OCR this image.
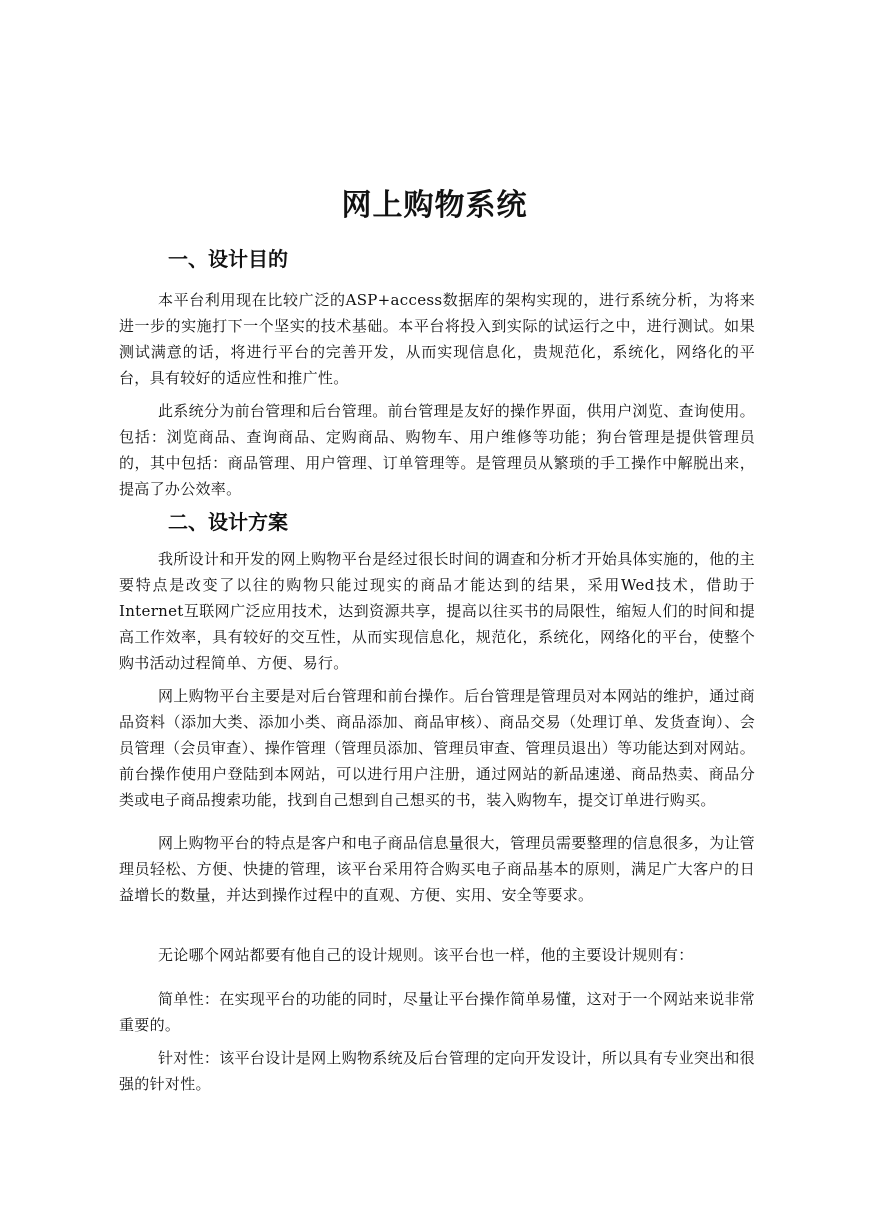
网上购物系统
一、设计目的

本平台利用现在比较广泛的ASP+access数据库的架构实现的，进行系统分析，为将来进一步的实施打下一个坚实的技术基础。本平台将投入到实际的试运行之中，进行测试。如果测试满意的话，将进行平台的完善开发，从而实现信息化，贵规范化，系统化，网络化的平台，具有较好的适应性和推广性。

此系统分为前台管理和后台管理。前台管理是友好的操作界面，供用户浏览、查询使用。包括：浏览商品、查询商品、定购商品、购物车、用户维修等功能；狗台管理是提供管理员的，其中包括：商品管理、用户管理、订单管理等。是管理员从繁琐的手工操作中解脱出来，提高了办公效率。

二、设计方案

我所设计和开发的网上购物平台是经过很长时间的调查和分析才开始具体实施的，他的主要特点是改变了以往的购物只能过现实的商品才能达到的结果，采用Wed技术，借助于Internet互联网广泛应用技术，达到资源共享，提高以往买书的局限性，缩短人们的时间和提高工作效率，具有较好的交互性，从而实现信息化，规范化，系统化，网络化的平台，使整个购书活动过程简单、方便、易行。

网上购物平台主要是对后台管理和前台操作。后台管理是管理员对本网站的维护，通过商品资料（添加大类、添加小类、商品添加、商品审核）、商品交易（处理订单、发货查询）、会员管理（会员审查）、操作管理（管理员添加、管理员审查、管理员退出）等功能达到对网站。前台操作使用户登陆到本网站，可以进行用户注册，通过网站的新品速递、商品热卖、商品分类或电子商品搜索功能，找到自己想到自己想买的书，装入购物车，提交订单进行购买。

网上购物平台的特点是客户和电子商品信息量很大，管理员需要整理的信息很多，为让管理员轻松、方便、快捷的管理，该平台采用符合购买电子商品基本的原则，满足广大客户的日益增长的数量，并达到操作过程中的直观、方便、实用、安全等要求。

无论哪个网站都要有他自己的设计规则。该平台也一样，他的主要设计规则有：

简单性：在实现平台的功能的同时，尽量让平台操作简单易懂，这对于一个网站来说非常重要的。

针对性：该平台设计是网上购物系统及后台管理的定向开发设计，所以具有专业突出和很强的针对性。
